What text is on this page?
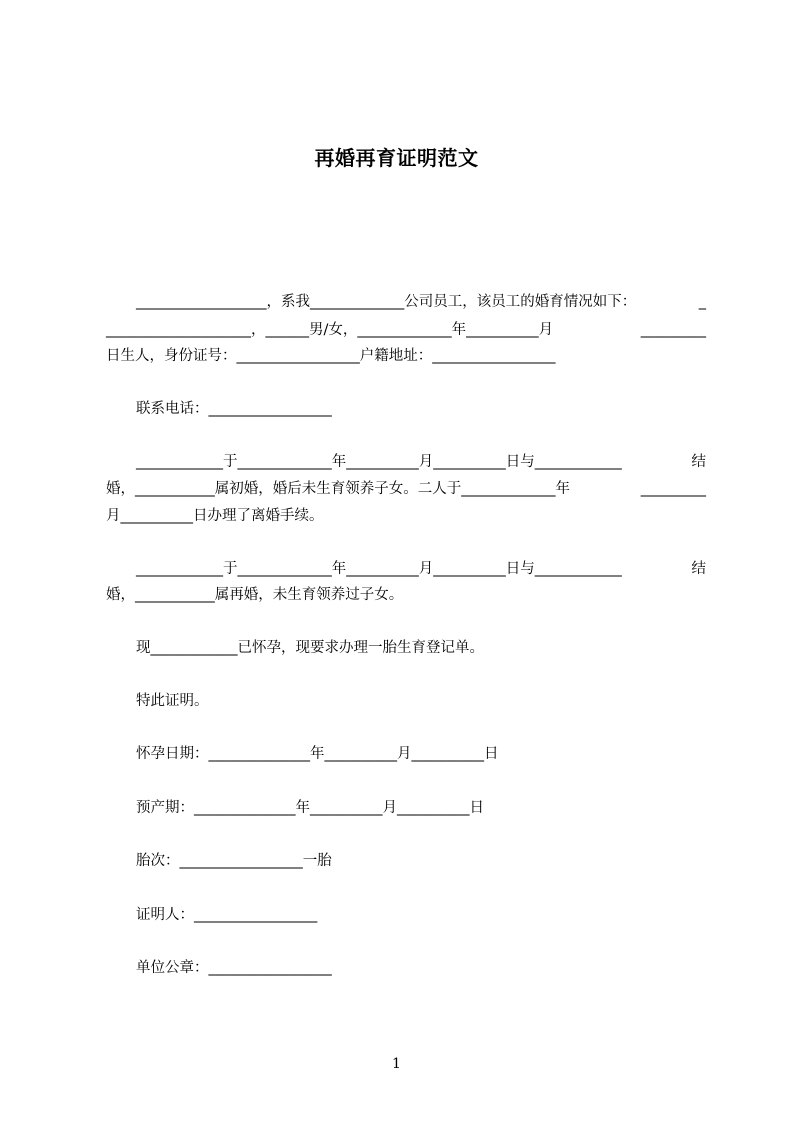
再婚再育证明范文
__________________，系我_____________公司员工，该员工的婚育情况如下：	_
____________________，______男/女，_____________年__________月	_________
日生人，身份证号：_________________户籍地址：_________________
联系电话：_________________
____________于_____________年__________月__________日与____________	结
婚，___________属初婚，婚后未生育领养子女。二人于_____________年	_________
月__________日办理了离婚手续。
____________于_____________年__________月__________日与____________	结
婚，___________属再婚，未生育领养过子女。
现____________已怀孕，现要求办理一胎生育登记单。
特此证明。
怀孕日期：______________年__________月__________日
预产期：______________年__________月__________日
胎次：_________________一胎
证明人：_________________
单位公章：_________________
1
